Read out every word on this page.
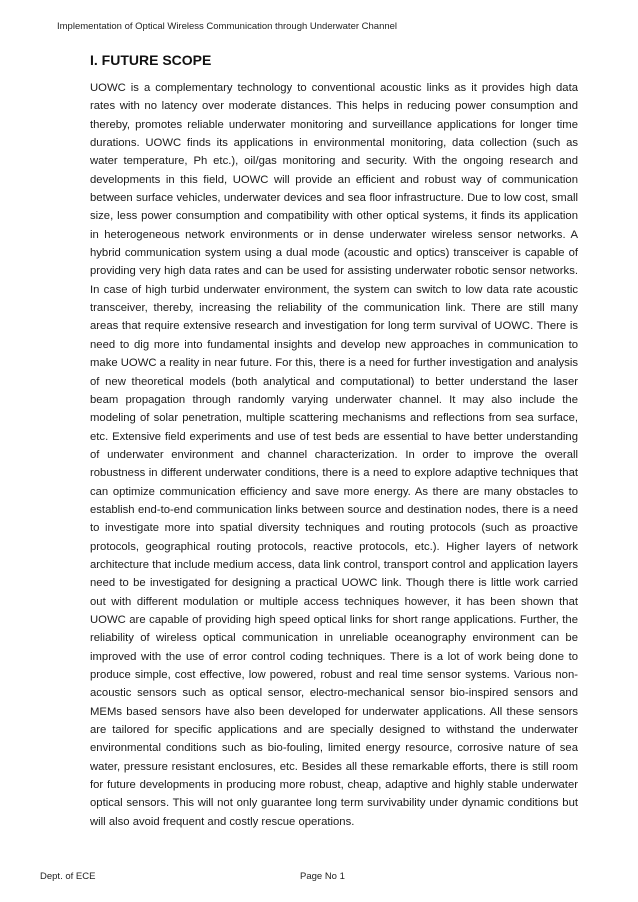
Implementation of Optical Wireless Communication through Underwater Channel
I. FUTURE SCOPE

UOWC is a complementary technology to conventional acoustic links as it provides high data rates with no latency over moderate distances. This helps in reducing power consumption and thereby, promotes reliable underwater monitoring and surveillance applications for longer time durations. UOWC finds its applications in environmental monitoring, data collection (such as water temperature, Ph etc.), oil/gas monitoring and security. With the ongoing research and developments in this field, UOWC will provide an efficient and robust way of communication between surface vehicles, underwater devices and sea floor infrastructure. Due to low cost, small size, less power consumption and compatibility with other optical systems, it finds its application in heterogeneous network environments or in dense underwater wireless sensor networks. A hybrid communication system using a dual mode (acoustic and optics) transceiver is capable of providing very high data rates and can be used for assisting underwater robotic sensor networks. In case of high turbid underwater environment, the system can switch to low data rate acoustic transceiver, thereby, increasing the reliability of the communication link. There are still many areas that require extensive research and investigation for long term survival of UOWC. There is need to dig more into fundamental insights and develop new approaches in communication to make UOWC a reality in near future. For this, there is a need for further investigation and analysis of new theoretical models (both analytical and computational) to better understand the laser beam propagation through randomly varying underwater channel. It may also include the modeling of solar penetration, multiple scattering mechanisms and reflections from sea surface, etc. Extensive field experiments and use of test beds are essential to have better understanding of underwater environment and channel characterization. In order to improve the overall robustness in different underwater conditions, there is a need to explore adaptive techniques that can optimize communication efficiency and save more energy. As there are many obstacles to establish end-to-end communication links between source and destination nodes, there is a need to investigate more into spatial diversity techniques and routing protocols (such as proactive protocols, geographical routing protocols, reactive protocols, etc.). Higher layers of network architecture that include medium access, data link control, transport control and application layers need to be investigated for designing a practical UOWC link. Though there is little work carried out with different modulation or multiple access techniques however, it has been shown that UOWC are capable of providing high speed optical links for short range applications. Further, the reliability of wireless optical communication in unreliable oceanography environment can be improved with the use of error control coding techniques. There is a lot of work being done to produce simple, cost effective, low powered, robust and real time sensor systems. Various non-acoustic sensors such as optical sensor, electro-mechanical sensor bio-inspired sensors and MEMs based sensors have also been developed for underwater applications. All these sensors are tailored for specific applications and are specially designed to withstand the underwater environmental conditions such as bio-fouling, limited energy resource, corrosive nature of sea water, pressure resistant enclosures, etc. Besides all these remarkable efforts, there is still room for future developments in producing more robust, cheap, adaptive and highly stable underwater optical sensors. This will not only guarantee long term survivability under dynamic conditions but will also avoid frequent and costly rescue operations.

Dept. of ECE	Page No 1
